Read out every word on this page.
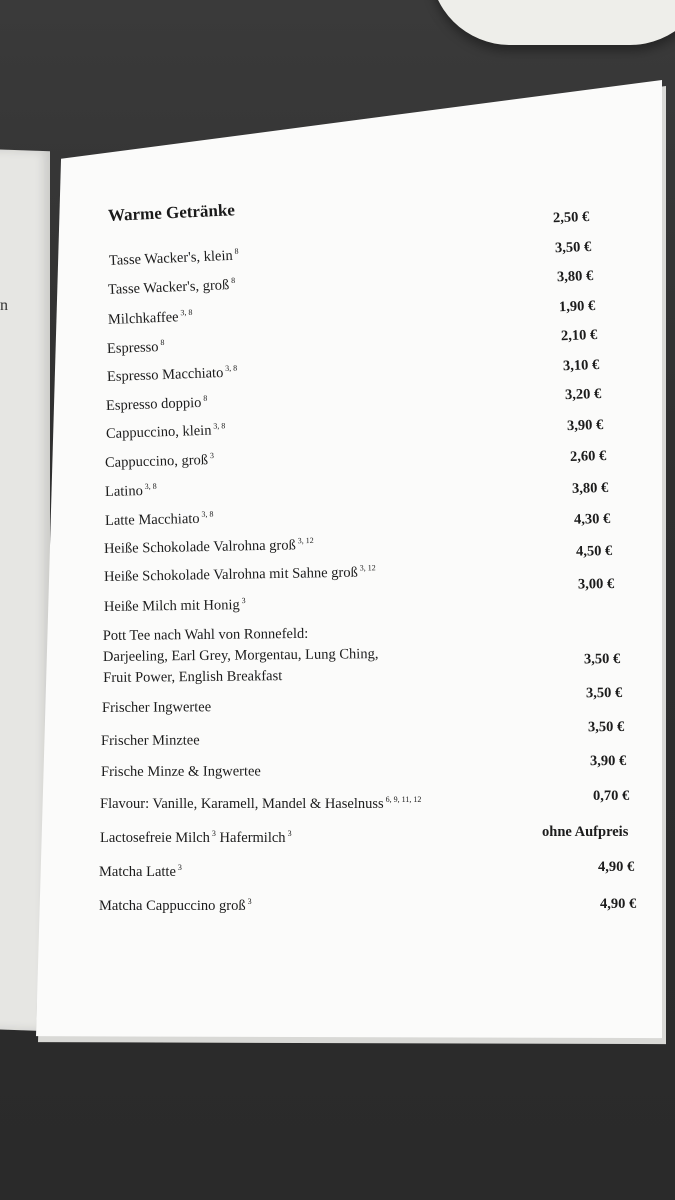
n
Warme Getränke	2,50 €
3,50 €
3,80 €
1,90 €
2,10 €
3,10 €
3,20 €
3,90 €
2,60 €
3,80 €
4,30 €
4,50 €
3,00 €
3,50 €
3,50 €
3,50 €
3,90 €
0,70 €
ohne Aufpreis
4,90 €
4,90 €
Tasse Wacker's, klein$^8$
Tasse Wacker's, groß$^8$
Milchkaffee$^{3, 8}$
Espresso$^8$
Espresso Macchiato$^{3, 8}$
Espresso doppio$^8$
Cappuccino, klein$^{3, 8}$
Cappuccino, groß $^3$
Latino $^{3, 8}$
Latte Macchiato $^{3, 8}$
Heiße Schokolade Valrohna groß $^{3, 12}$
Heiße Schokolade Valrohna mit Sahne groß $^{3, 12}$
Heiße Milch mit Honig $^3$
Pott Tee nach Wahl von Ronnefeld:
Darjeeling, Earl Grey, Morgentau, Lung Ching,
Fruit Power, English Breakfast
Frischer Ingwertee
Frischer Minztee
Frische Minze & Ingwertee
Flavour: Vanille, Karamell, Mandel & Haselnuss $^{6, 9, 11, 12}$
Lactosefreie Milch $^3$ Hafermilch $^3$
Matcha Latte $^3$
Matcha Cappuccino groß $^3$
